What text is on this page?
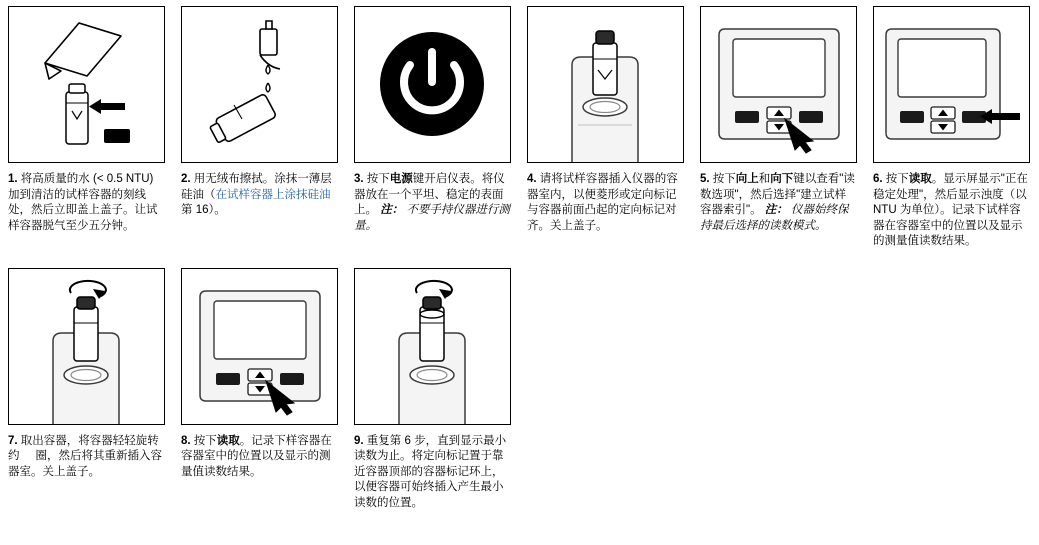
1. 将高质量的水 (< 0.5 NTU) 加到清洁的试样容器的刻线处，然后立即盖上盖子。让试样容器脱气至少五分钟。
2. 用无绒布擦拭。涂抹一薄层硅油（在试样容器上涂抹硅油 第 16）。
3. 按下电源键开启仪表。将仪器放在一个平坦、稳定的表面上。 注： 不要手持仪器进行测量。
4. 请将试样容器插入仪器的容器室内，以便菱形或定向标记与容器前面凸起的定向标记对齐。关上盖子。
5. 按下向上和向下键以查看"读数选项"，然后选择"建立试样容器索引"。 注： 仪器始终保持最后选择的读数模式。
6. 按下读取。显示屏显示"正在稳定处理"，然后显示浊度（以 NTU 为单位）。记录下试样容器在容器室中的位置以及显示的测量值读数结果。
7. 取出容器，将容器轻轻旋转约     圈，然后将其重新插入容器室。关上盖子。
8. 按下读取。记录下样容器在容器室中的位置以及显示的测量值读数结果。
9. 重复第 6 步，直到显示最小读数为止。将定向标记置于靠近容器顶部的容器标记环上，以便容器可始终插入产生最小读数的位置。
